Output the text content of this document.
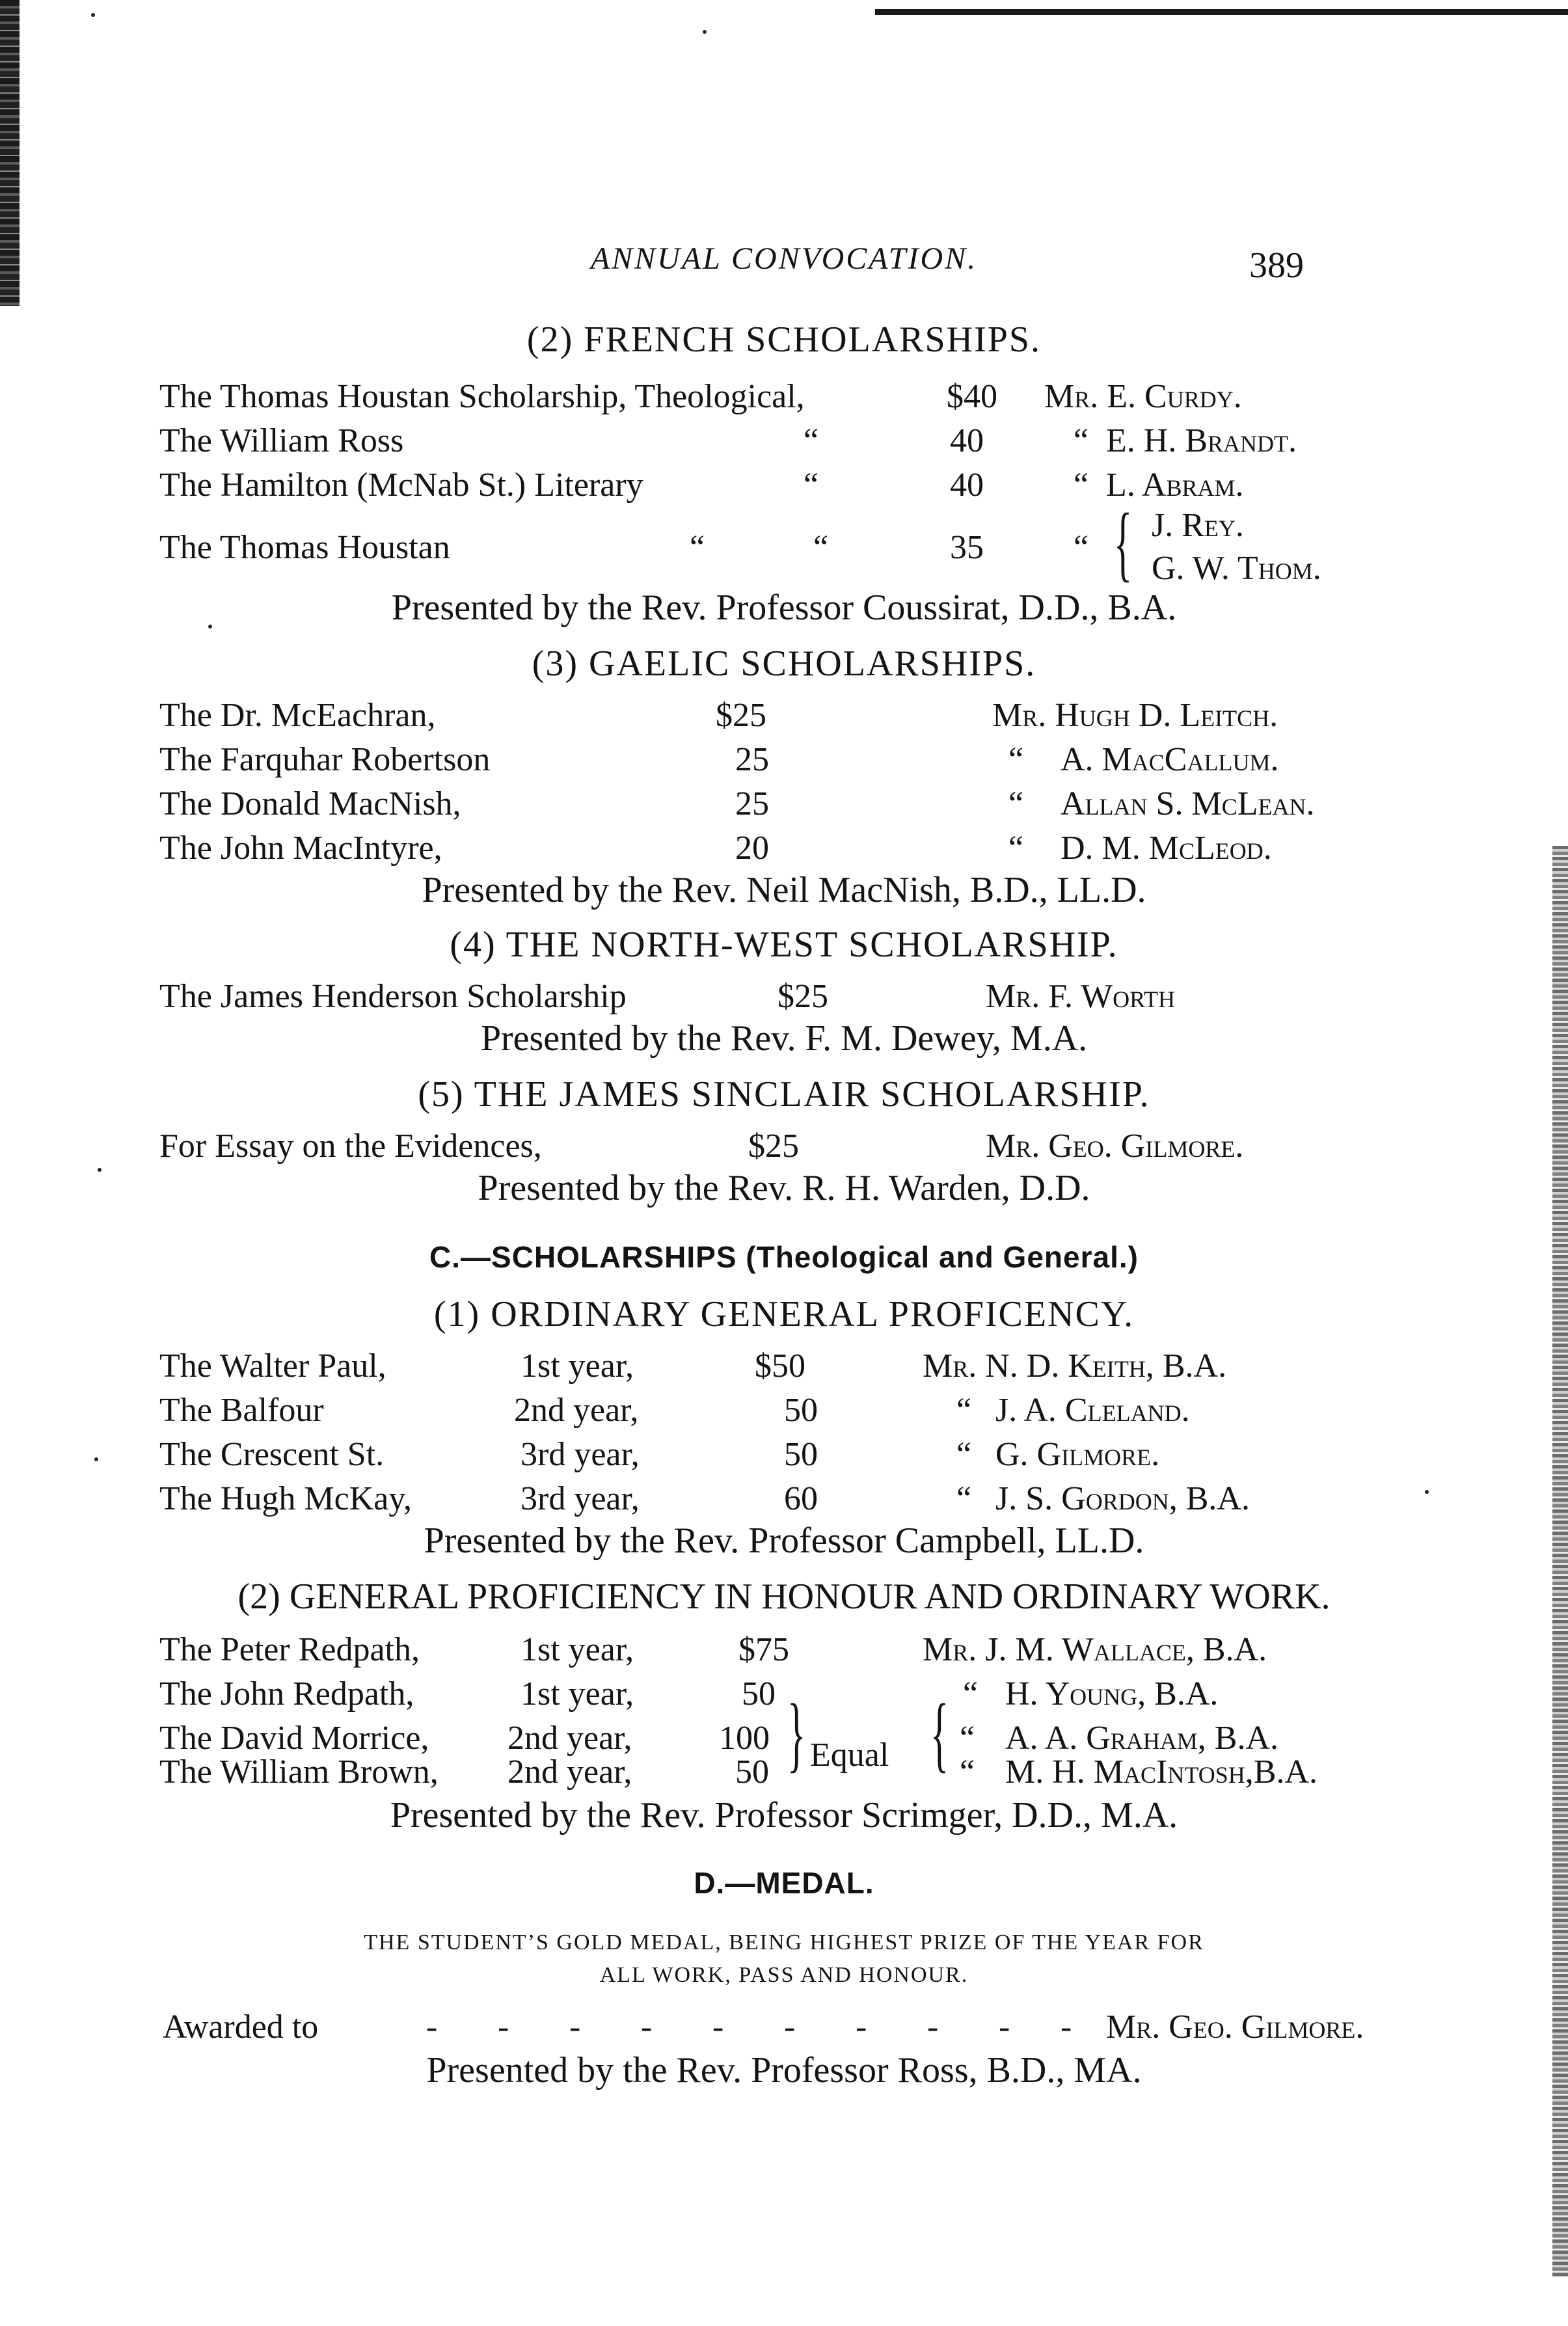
ANNUAL CONVOCATION.	389
(2) FRENCH SCHOLARSHIPS.
The Thomas Houstan Scholarship, Theological,	$40 Mr. E. Curdy.
The William Ross	“	40	“ E. H. Brandt.
The Hamilton (McNab St.) Literary	“	40	“ L. Abram.
The Thomas Houstan	“	“	35	“ { J. Rey.
G. W. Thom.
Presented by the Rev. Professor Coussirat, D.D., B.A.
(3) GAELIC SCHOLARSHIPS.
The Dr. McEachran,	$25	Mr. Hugh D. Leitch.
The Farquhar Robertson	25	“ A. MacCallum.
The Donald MacNish,	25	“ Allan S. McLean.
The John MacIntyre,	20	“ D. M. McLeod.
Presented by the Rev. Neil MacNish, B.D., LL.D.
(4) THE NORTH-WEST SCHOLARSHIP.
The James Henderson Scholarship	$25	Mr. F. Worth
Presented by the Rev. F. M. Dewey, M.A.
(5) THE JAMES SINCLAIR SCHOLARSHIP.
For Essay on the Evidences,	$25	Mr. Geo. Gilmore.
Presented by the Rev. R. H. Warden, D.D.
C.—SCHOLARSHIPS (Theological and General.)
(1) ORDINARY GENERAL PROFICENCY.
The Walter Paul,	1st year,	$50	Mr. N. D. Keith, B.A.
The Balfour	2nd year,	50	“ J. A. Cleland.
The Crescent St.	3rd year,	50	“ G. Gilmore.
The Hugh McKay,	3rd year,	60	“ J. S. Gordon, B.A.
Presented by the Rev. Professor Campbell, LL.D.
(2) GENERAL PROFICIENCY IN HONOUR AND ORDINARY WORK.
The Peter Redpath,	1st year,	$75	Mr. J. M. Wallace, B.A.
The John Redpath,	1st year,	50	“ H. Young, B.A.
The David Morrice, 2nd year,	100	“ A. A. Graham, B.A.
The William Brown, 2nd year,	50	“ M. H. MacIntosh,B.A.
} Equal {
Presented by the Rev. Professor Scrimger, D.D., M.A.
D.—MEDAL.
THE STUDENT’S GOLD MEDAL, BEING HIGHEST PRIZE OF THE YEAR FOR
ALL WORK, PASS AND HONOUR.
Awarded to	Mr. Geo. Gilmore.
- - - - - - - - - -
Presented by the Rev. Professor Ross, B.D., MA.
